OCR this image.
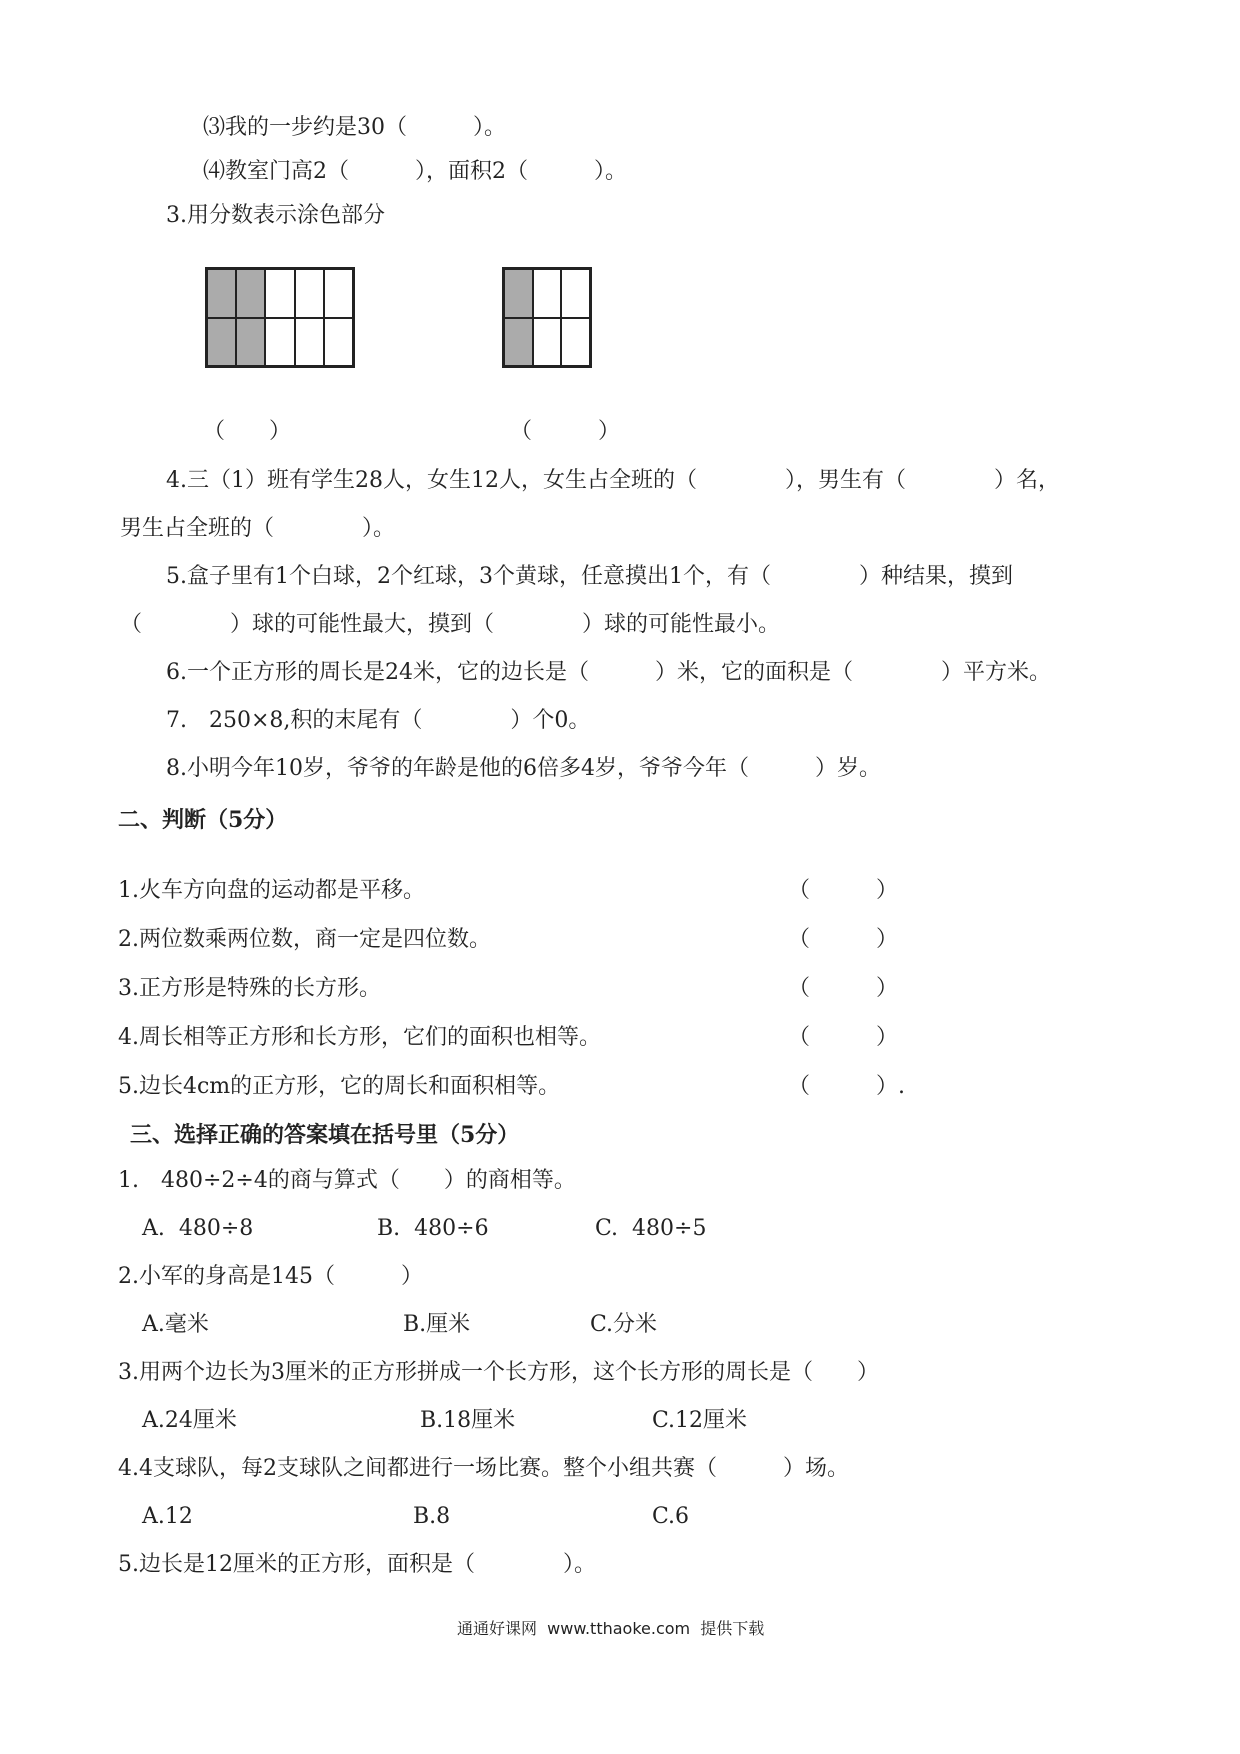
⑶我的一步约是30（　　　）。
⑷教室门高2（　　　），面积2（　　　）。
3.用分数表示涂色部分
（　　）	（　　　）
4.三（1）班有学生28人，女生12人，女生占全班的（　　　　），男生有（　　　　）名，
男生占全班的（　　　　）。
5.盒子里有1个白球，2个红球，3个黄球，任意摸出1个，有（　　　　）种结果，摸到
（　　　　）球的可能性最大，摸到（　　　　）球的可能性最小。
6.一个正方形的周长是24米，它的边长是（　　　）米，它的面积是（　　　　）平方米。
7.　250×8,积的末尾有（　　　　）个0。
8.小明今年10岁，爷爷的年龄是他的6倍多4岁，爷爷今年（　　　）岁。
二、判断（5分）
1.火车方向盘的运动都是平移。	（　　　）
2.两位数乘两位数，商一定是四位数。	（　　　）
3.正方形是特殊的长方形。	（　　　）
4.周长相等正方形和长方形，它们的面积也相等。	（　　　）
5.边长4cm的正方形，它的周长和面积相等。	（　　　）.
三、选择正确的答案填在括号里（5分）
1.　480÷2÷4的商与算式（　　）的商相等。
A.  480÷8	B.  480÷6	C.  480÷5
2.小军的身高是145（　　　）
A.毫米	B.厘米	C.分米
3.用两个边长为3厘米的正方形拼成一个长方形，这个长方形的周长是（　　）
A.24厘米	B.18厘米	C.12厘米
4.4支球队，每2支球队之间都进行一场比赛。整个小组共赛（　　　）场。
A.12	B.8	C.6
5.边长是12厘米的正方形，面积是（　　　　）。
通通好课网  www.tthaoke.com  提供下载
